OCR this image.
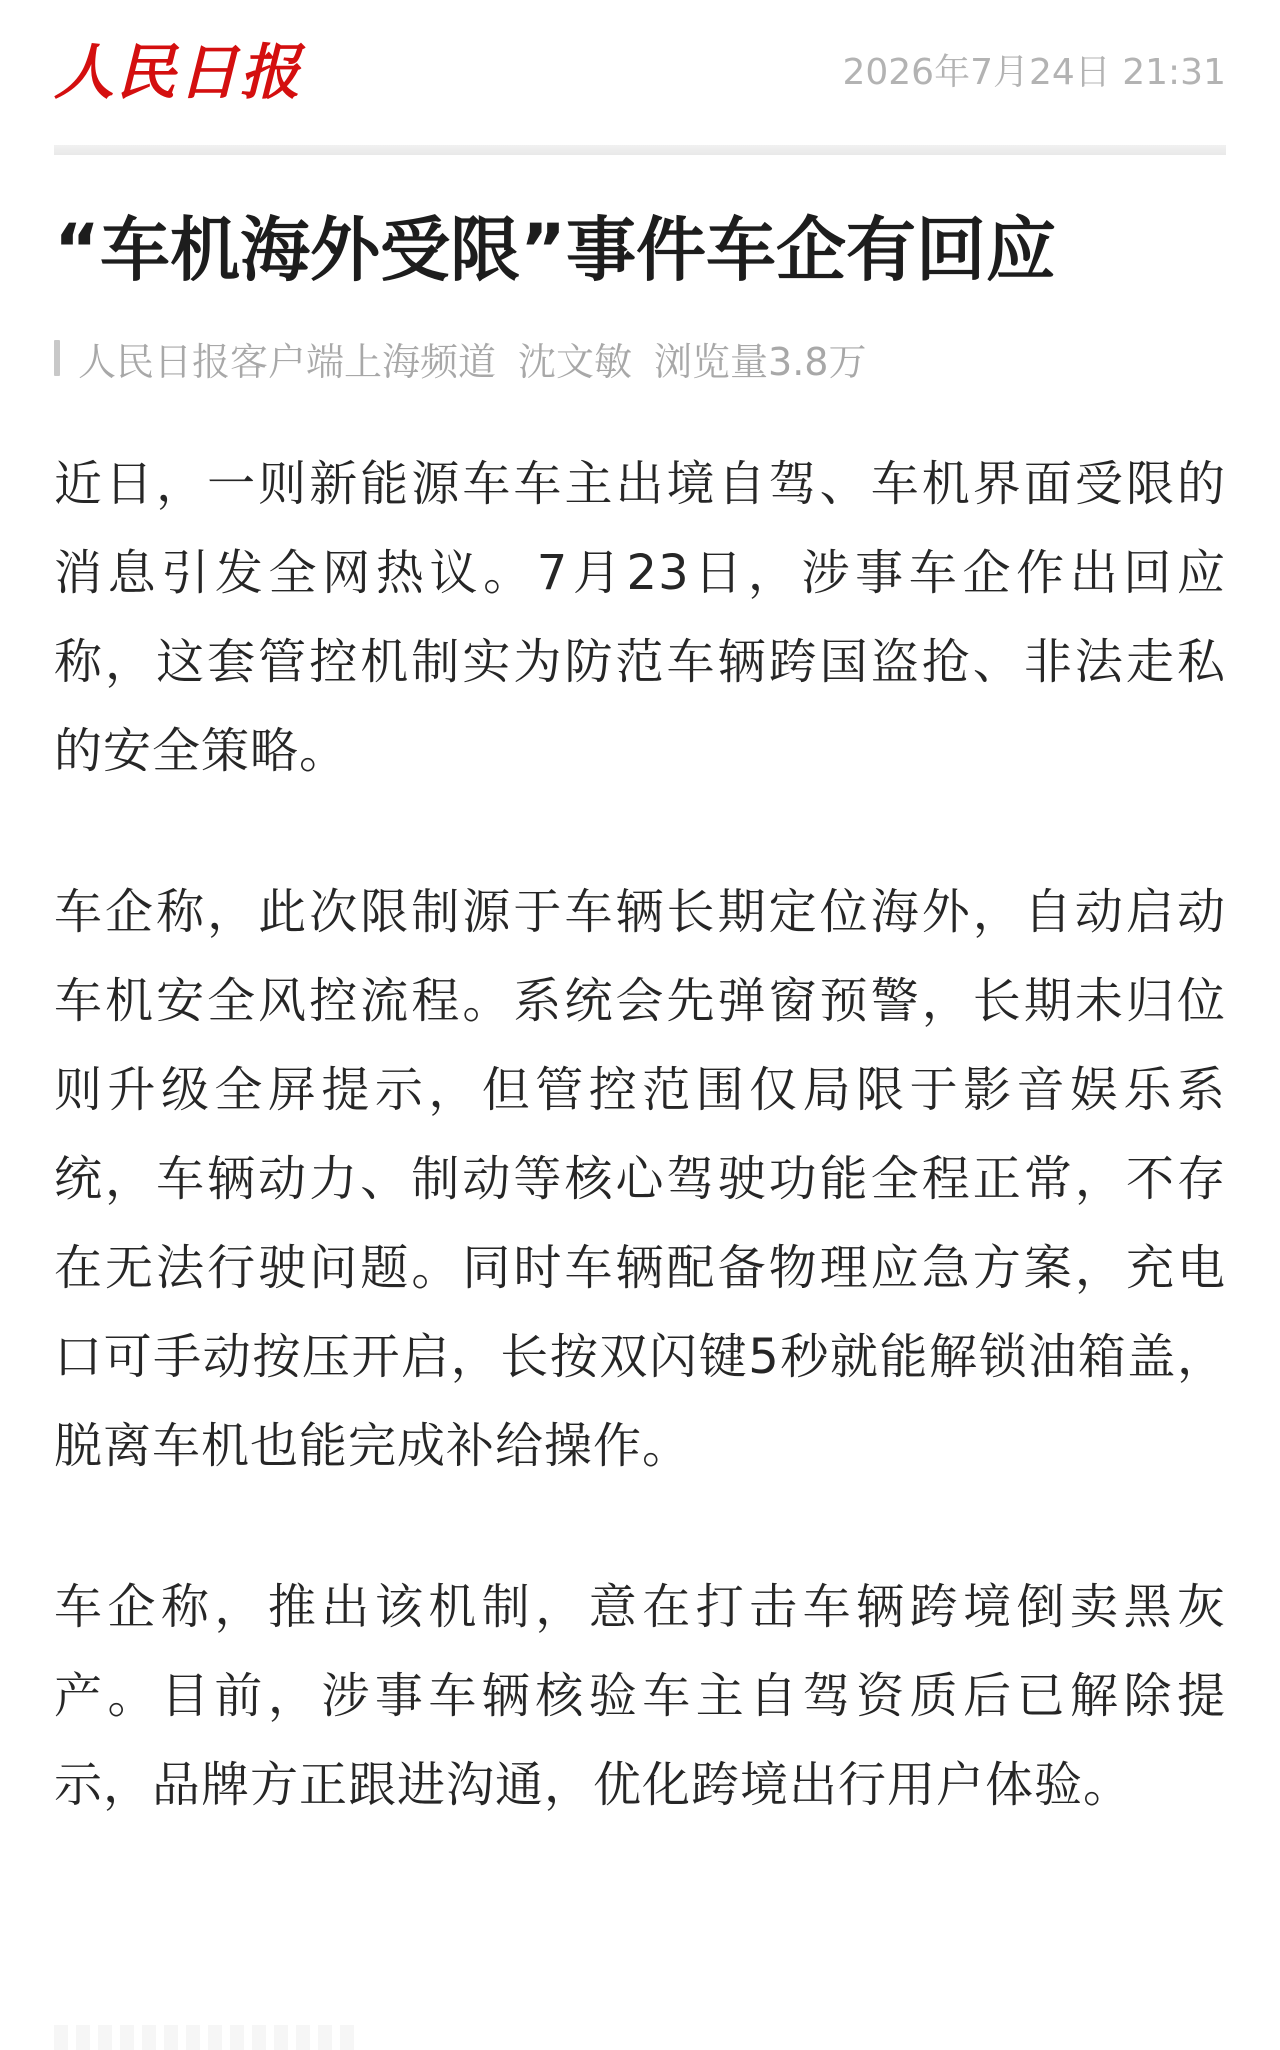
人民日报	2026年7月24日 21:31
“车机海外受限”事件车企有回应
人民日报客户端上海频道 沈文敏 浏览量3.8万

近日，一则新能源车车主出境自驾、车机界面受限的消息引发全网热议。7月23日，涉事车企作出回应称，这套管控机制实为防范车辆跨国盗抢、非法走私的安全策略。

车企称，此次限制源于车辆长期定位海外，自动启动车机安全风控流程。系统会先弹窗预警，长期未归位则升级全屏提示，但管控范围仅局限于影音娱乐系统，车辆动力、制动等核心驾驶功能全程正常，不存在无法行驶问题。同时车辆配备物理应急方案，充电口可手动按压开启，长按双闪键5秒就能解锁油箱盖，脱离车机也能完成补给操作。

车企称，推出该机制，意在打击车辆跨境倒卖黑灰产。目前，涉事车辆核验车主自驾资质后已解除提示，品牌方正跟进沟通，优化跨境出行用户体验。
